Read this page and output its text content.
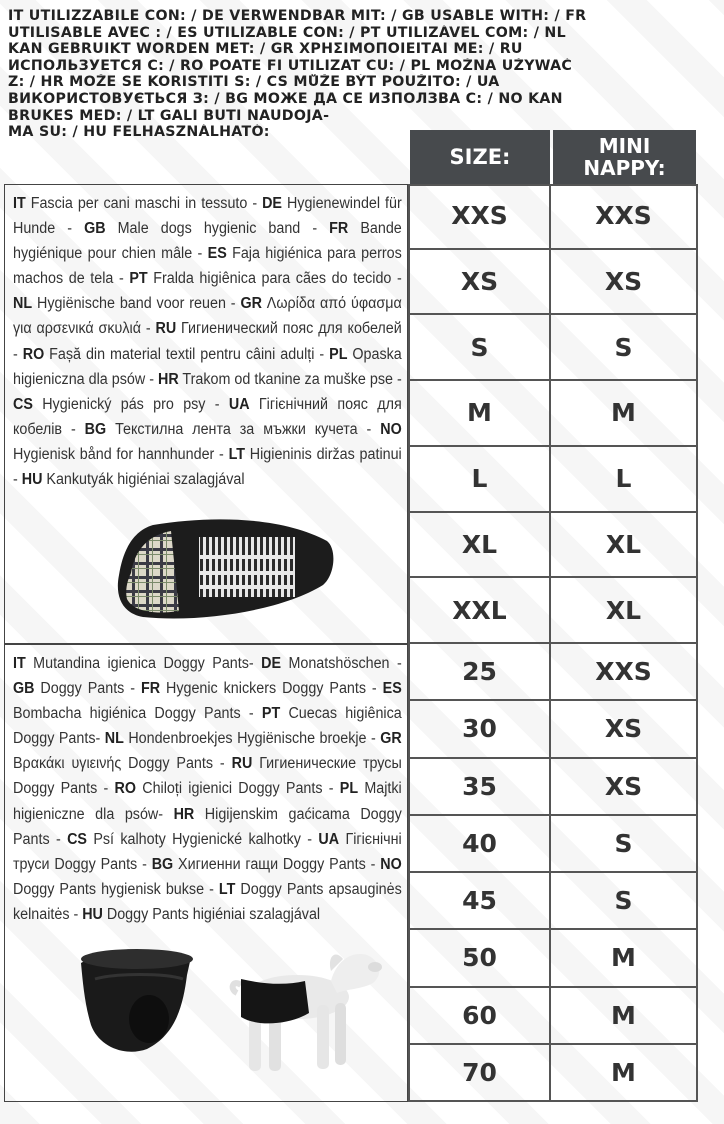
IT UTILIZZABILE CON: / DE VERWENDBAR MIT: / GB USABLE WITH: / FR
UTILISABLE AVEC : / ES UTILIZABLE CON: / PT UTILIZÁVEL COM: / NL
KAN GEBRUIKT WORDEN MET: / GR ΧΡΗΣΙΜΟΠΟΙΕΙΤΑΙ ΜΕ: / RU
ИСПОЛЬЗУЕТСЯ С: / RO POATE FI UTILIZAT CU: / PL MOŻNA UŻYWAĆ
Z: / HR MOŽE SE KORISTITI S: / CS MŮŽE BÝT POUŽITO: / UA
ВИКОРИСТОВУЄТЬСЯ З: / BG МОЖЕ ДА СЕ ИЗПОЛЗВА С: / NO KAN
BRUKES MED: / LT GALI BŪTI NAUDOJA-
MA SU: / HU FELHASZNÁLHATÓ:
SIZE:	MINI
NAPPY:
IT Fascia per cani maschi in tessuto - DE Hygienewindel für Hunde - GB Male dogs hygienic band - FR Bande hygiénique pour chien mâle - ES Faja higiénica para perros machos de tela - PT Fralda higiênica para cães do tecido - NL Hygiënische band voor reuen - GR Λωρίδα από ύφασμα για αρσενικά σκυλιά - RU Гигиенический пояс для кобелей - RO Fașă din material textil pentru câini adulți - PL Opaska higieniczna dla psów - HR Trakom od tkanine za muške pse - CS Hygienický pás pro psy - UA Гігієнічний пояс для кобелів - BG Текстилна лента за мъжки кучета - NO Hygienisk bånd for hannhunder - LT Higieninis diržas patinui - HU Kankutyák higiéniai szalagjával
IT Mutandina igienica Doggy Pants- DE Monatshöschen - GB Doggy Pants - FR Hygenic knickers Doggy Pants - ES Bombacha higiénica Doggy Pants - PT Cuecas higiênica Doggy Pants- NL Hondenbroekjes Hygiënische broekje - GR Βρακάκι υγιεινής Doggy Pants - RU Гигиенические трусы Doggy Pants - RO Chiloți igienici Doggy Pants - PL Majtki higieniczne dla psów- HR Higijenskim gaćicama Doggy Pants - CS Psí kalhoty Hygienické kalhotky - UA Гігієнічні труси Doggy Pants - BG Хигиенни гащи Doggy Pants - NO Doggy Pants hygienisk bukse - LT Doggy Pants apsauginės kelnaitės - HU Doggy Pants higiéniai szalagjával
XXS	XXS
XS	XS
S	S
M	M
L	L
XL	XL
XXL	XL
25	XXS
30	XS
35	XS
40	S
45	S
50	M
60	M
70	M
